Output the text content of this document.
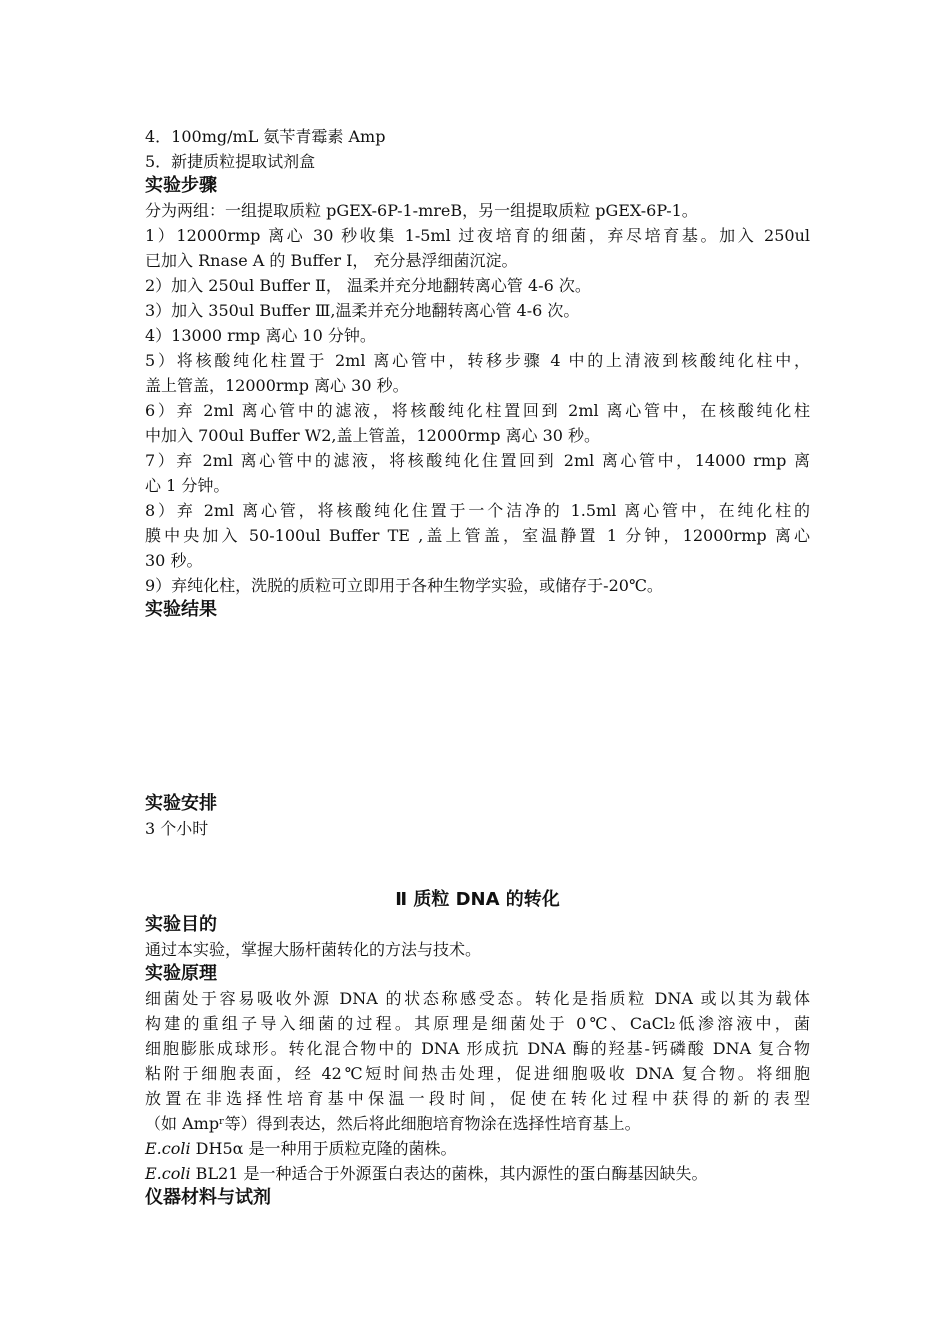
4．100mg/mL 氨苄青霉素 Amp
5．新捷质粒提取试剂盒
实验步骤
分为两组：一组提取质粒 pGEX-6P-1-mreB，另一组提取质粒 pGEX-6P-1。
1）12000rmp 离心 30 秒收集 1-5ml 过夜培育的细菌，弃尽培育基。加入 250ul
已加入 Rnase A 的 Buffer Ⅰ， 充分悬浮细菌沉淀。
2）加入 250ul Buffer Ⅱ， 温柔并充分地翻转离心管 4-6 次。
3）加入 350ul Buffer Ⅲ,温柔并充分地翻转离心管 4-6 次。
4）13000 rmp 离心 10 分钟。
5）将核酸纯化柱置于 2ml 离心管中，转移步骤 4 中的上清液到核酸纯化柱中，
盖上管盖，12000rmp 离心 30 秒。
6）弃 2ml 离心管中的滤液，将核酸纯化柱置回到 2ml 离心管中，在核酸纯化柱
中加入 700ul Buffer W2,盖上管盖，12000rmp 离心 30 秒。
7）弃 2ml 离心管中的滤液，将核酸纯化住置回到 2ml 离心管中，14000 rmp 离
心 1 分钟。
8）弃 2ml 离心管，将核酸纯化住置于一个洁净的 1.5ml 离心管中，在纯化柱的
膜中央加入 50-100ul Buffer TE ,盖上管盖，室温静置 1 分钟，12000rmp 离心
30 秒。
9）弃纯化柱，洗脱的质粒可立即用于各种生物学实验，或储存于-20℃。
实验结果
实验安排
3 个小时
Ⅱ 质粒 DNA 的转化
实验目的
通过本实验，掌握大肠杆菌转化的方法与技术。
实验原理
细菌处于容易吸收外源 DNA 的状态称感受态。转化是指质粒 DNA 或以其为载体
构建的重组子导入细菌的过程。其原理是细菌处于 0℃、CaCl₂低渗溶液中，菌
细胞膨胀成球形。转化混合物中的 DNA 形成抗 DNA 酶的羟基-钙磷酸 DNA 复合物
粘附于细胞表面，经 42℃短时间热击处理，促进细胞吸收 DNA 复合物。将细胞
放置在非选择性培育基中保温一段时间，促使在转化过程中获得的新的表型
（如 Ampʳ等）得到表达，然后将此细胞培育物涂在选择性培育基上。
E.coli DH5α 是一种用于质粒克隆的菌株。
E.coli BL21 是一种适合于外源蛋白表达的菌株，其内源性的蛋白酶基因缺失。
仪器材料与试剂
